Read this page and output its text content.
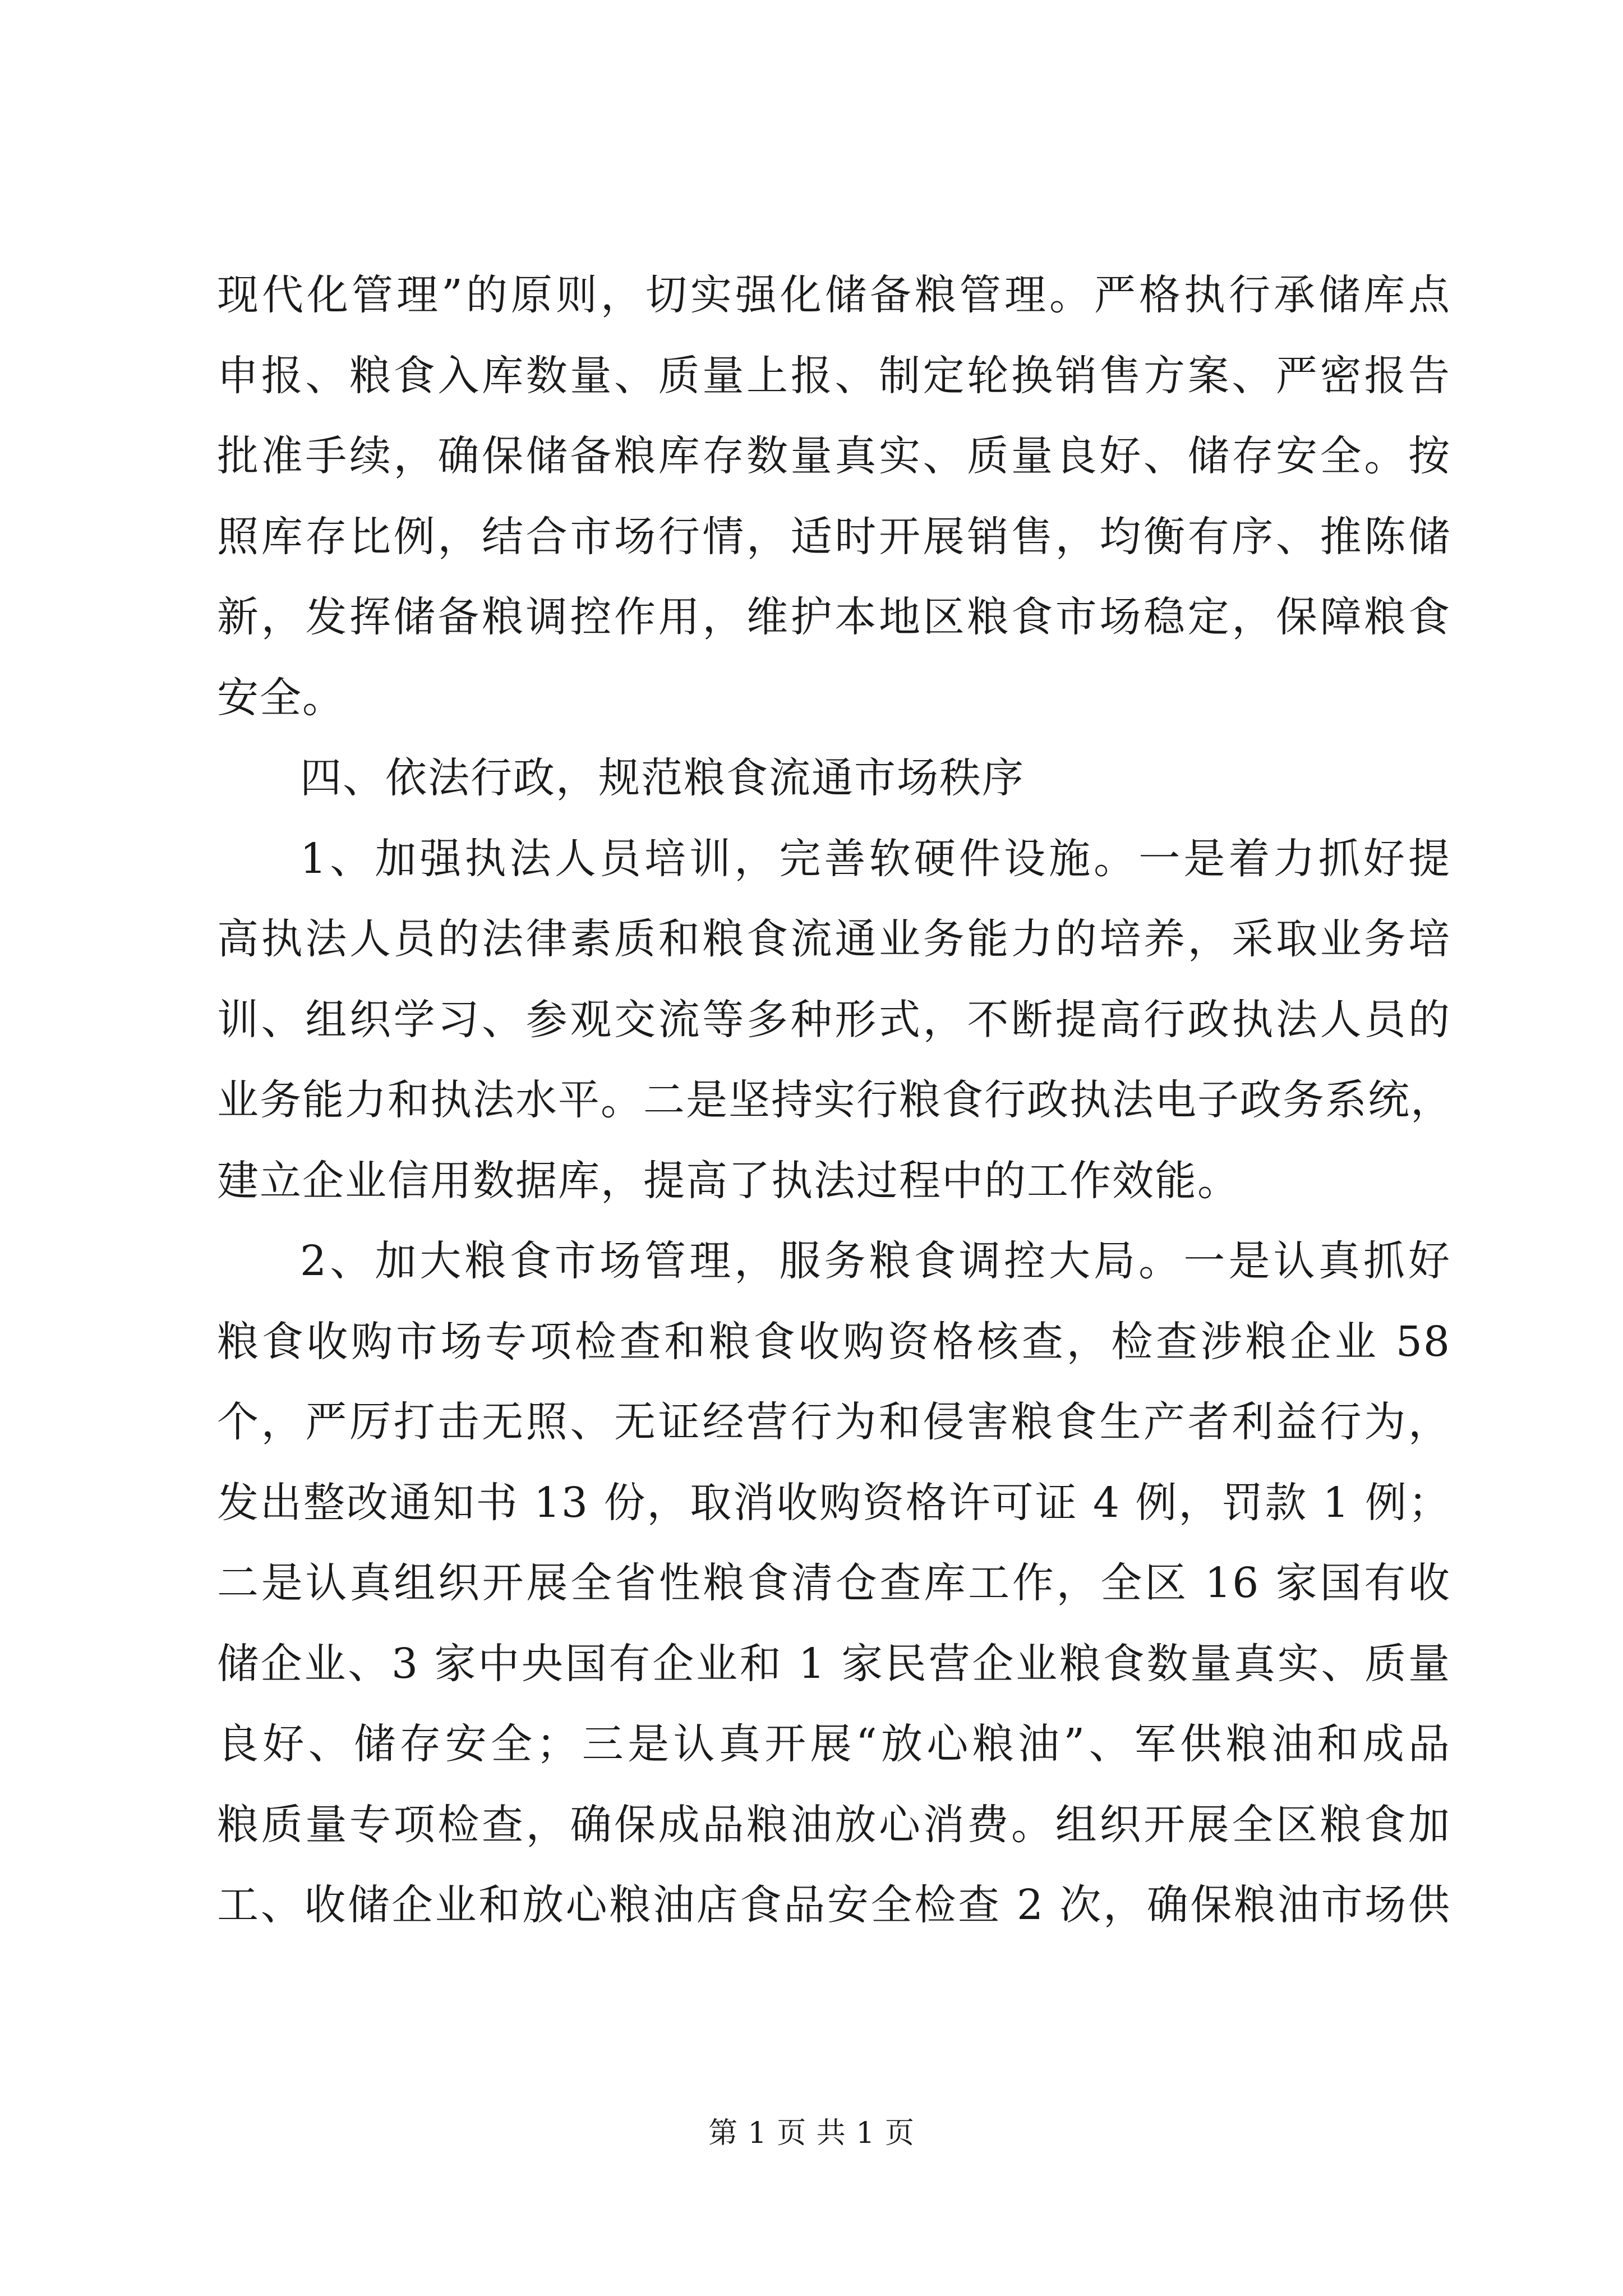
现代化管理”的原则，切实强化储备粮管理。严格执行承储库点
申报、粮食入库数量、质量上报、制定轮换销售方案、严密报告
批准手续，确保储备粮库存数量真实、质量良好、储存安全。按
照库存比例，结合市场行情，适时开展销售，均衡有序、推陈储
新，发挥储备粮调控作用，维护本地区粮食市场稳定，保障粮食
安全。
四、依法行政，规范粮食流通市场秩序
1、加强执法人员培训，完善软硬件设施。一是着力抓好提
高执法人员的法律素质和粮食流通业务能力的培养，采取业务培
训、组织学习、参观交流等多种形式，不断提高行政执法人员的
业务能力和执法水平。二是坚持实行粮食行政执法电子政务系统，
建立企业信用数据库，提高了执法过程中的工作效能。
2、加大粮食市场管理，服务粮食调控大局。一是认真抓好
粮食收购市场专项检查和粮食收购资格核查，检查涉粮企业 58
个，严厉打击无照、无证经营行为和侵害粮食生产者利益行为，
发出整改通知书 13 份，取消收购资格许可证 4 例，罚款 1 例；
二是认真组织开展全省性粮食清仓查库工作，全区 16 家国有收
储企业、3 家中央国有企业和 1 家民营企业粮食数量真实、质量
良好、储存安全；三是认真开展“放心粮油”、军供粮油和成品
粮质量专项检查，确保成品粮油放心消费。组织开展全区粮食加
工、收储企业和放心粮油店食品安全检查 2 次，确保粮油市场供
第 1 页 共 1 页
